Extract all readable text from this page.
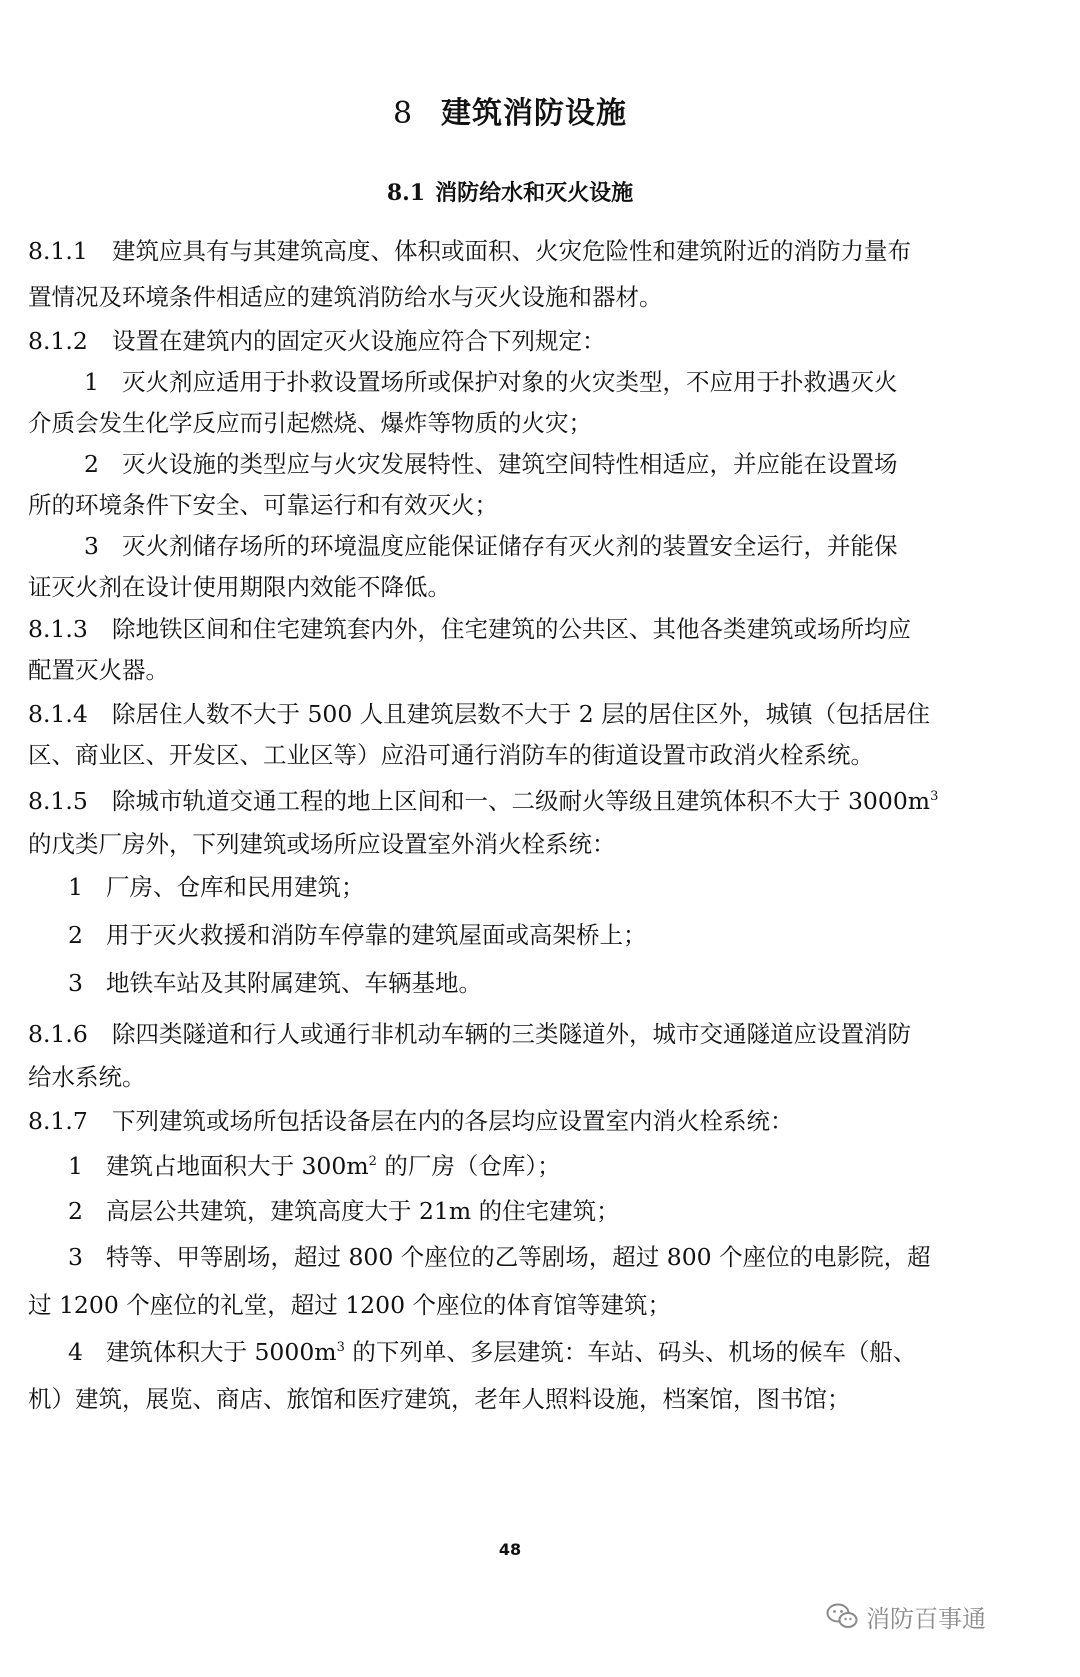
8 建筑消防设施
8.1 消防给水和灭火设施
8.1.1 建筑应具有与其建筑高度、体积或面积、火灾危险性和建筑附近的消防力量布
置情况及环境条件相适应的建筑消防给水与灭火设施和器材。
8.1.2 设置在建筑内的固定灭火设施应符合下列规定：
1 灭火剂应适用于扑救设置场所或保护对象的火灾类型，不应用于扑救遇灭火
介质会发生化学反应而引起燃烧、爆炸等物质的火灾；
2 灭火设施的类型应与火灾发展特性、建筑空间特性相适应，并应能在设置场
所的环境条件下安全、可靠运行和有效灭火；
3 灭火剂储存场所的环境温度应能保证储存有灭火剂的装置安全运行，并能保
证灭火剂在设计使用期限内效能不降低。
8.1.3 除地铁区间和住宅建筑套内外，住宅建筑的公共区、其他各类建筑或场所均应
配置灭火器。
8.1.4 除居住人数不大于 500 人且建筑层数不大于 2 层的居住区外，城镇（包括居住
区、商业区、开发区、工业区等）应沿可通行消防车的街道设置市政消火栓系统。
8.1.5 除城市轨道交通工程的地上区间和一、二级耐火等级且建筑体积不大于 $3000m^3$
的戊类厂房外，下列建筑或场所应设置室外消火栓系统：
1 厂房、仓库和民用建筑；
2 用于灭火救援和消防车停靠的建筑屋面或高架桥上；
3 地铁车站及其附属建筑、车辆基地。
8.1.6 除四类隧道和行人或通行非机动车辆的三类隧道外，城市交通隧道应设置消防
给水系统。
8.1.7 下列建筑或场所包括设备层在内的各层均应设置室内消火栓系统：
1 建筑占地面积大于 $300m^2$ 的厂房（仓库）；
2 高层公共建筑，建筑高度大于 21m 的住宅建筑；
3 特等、甲等剧场，超过 800 个座位的乙等剧场，超过 800 个座位的电影院，超
过 1200 个座位的礼堂，超过 1200 个座位的体育馆等建筑；
4 建筑体积大于 $5000m^3$ 的下列单、多层建筑：车站、码头、机场的候车（船、
机）建筑，展览、商店、旅馆和医疗建筑，老年人照料设施，档案馆，图书馆；
48
消防百事通
